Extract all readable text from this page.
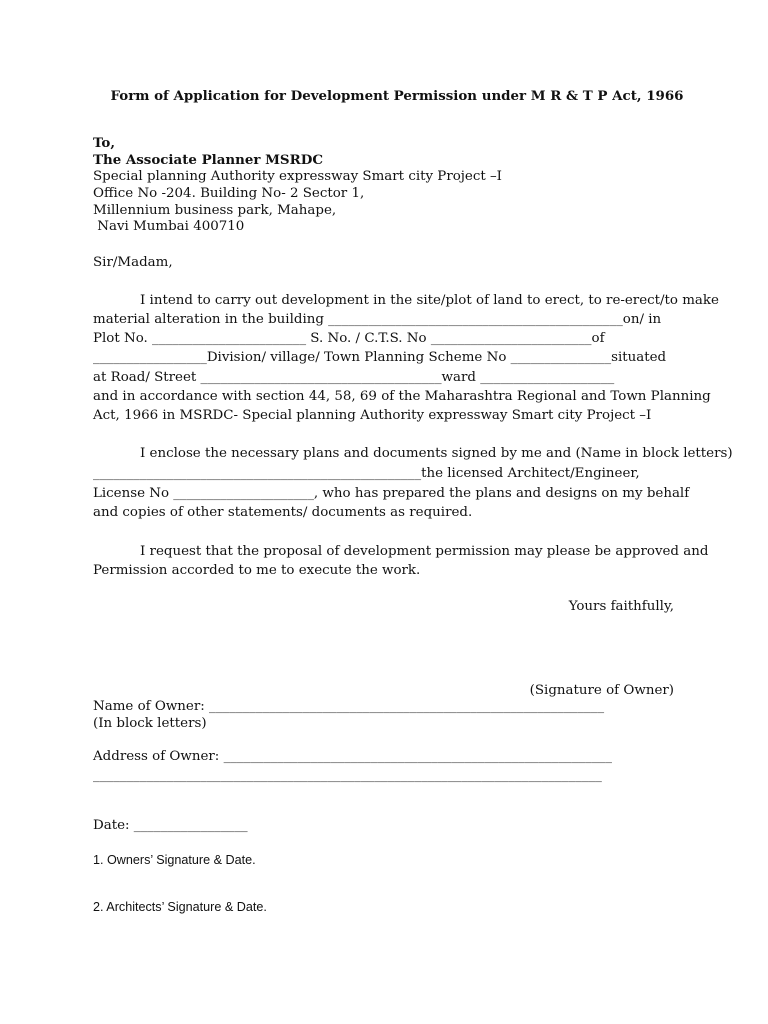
Form of Application for Development Permission under M R & T P Act, 1966
To,
The Associate Planner MSRDC
Special planning Authority expressway Smart city Project –I
Office No -204. Building No- 2 Sector 1,
Millennium business park, Mahape,
Navi Mumbai 400710
Sir/Madam,
I intend to carry out development in the site/plot of land to erect, to re-erect/to make
material alteration in the building ____________________________________________on/ in
Plot No. _______________________ S. No. / C.T.S. No ________________________of
_________________Division/ village/ Town Planning Scheme No _______________situated
at Road/ Street ____________________________________ward ____________________
and in accordance with section 44, 58, 69 of the Maharashtra Regional and Town Planning
Act, 1966 in MSRDC- Special planning Authority expressway Smart city Project –I
I enclose the necessary plans and documents signed by me and (Name in block letters)
_________________________________________________the licensed Architect/Engineer,
License No _____________________, who has prepared the plans and designs on my behalf
and copies of other statements/ documents as required.
I request that the proposal of development permission may please be approved and
Permission accorded to me to execute the work.
Yours faithfully,
(Signature of Owner)
Name of Owner: ___________________________________________________________
(In block letters)
Address of Owner: __________________________________________________________
____________________________________________________________________________
Date: _________________
1. Owners’ Signature & Date.
2. Architects’ Signature & Date.
